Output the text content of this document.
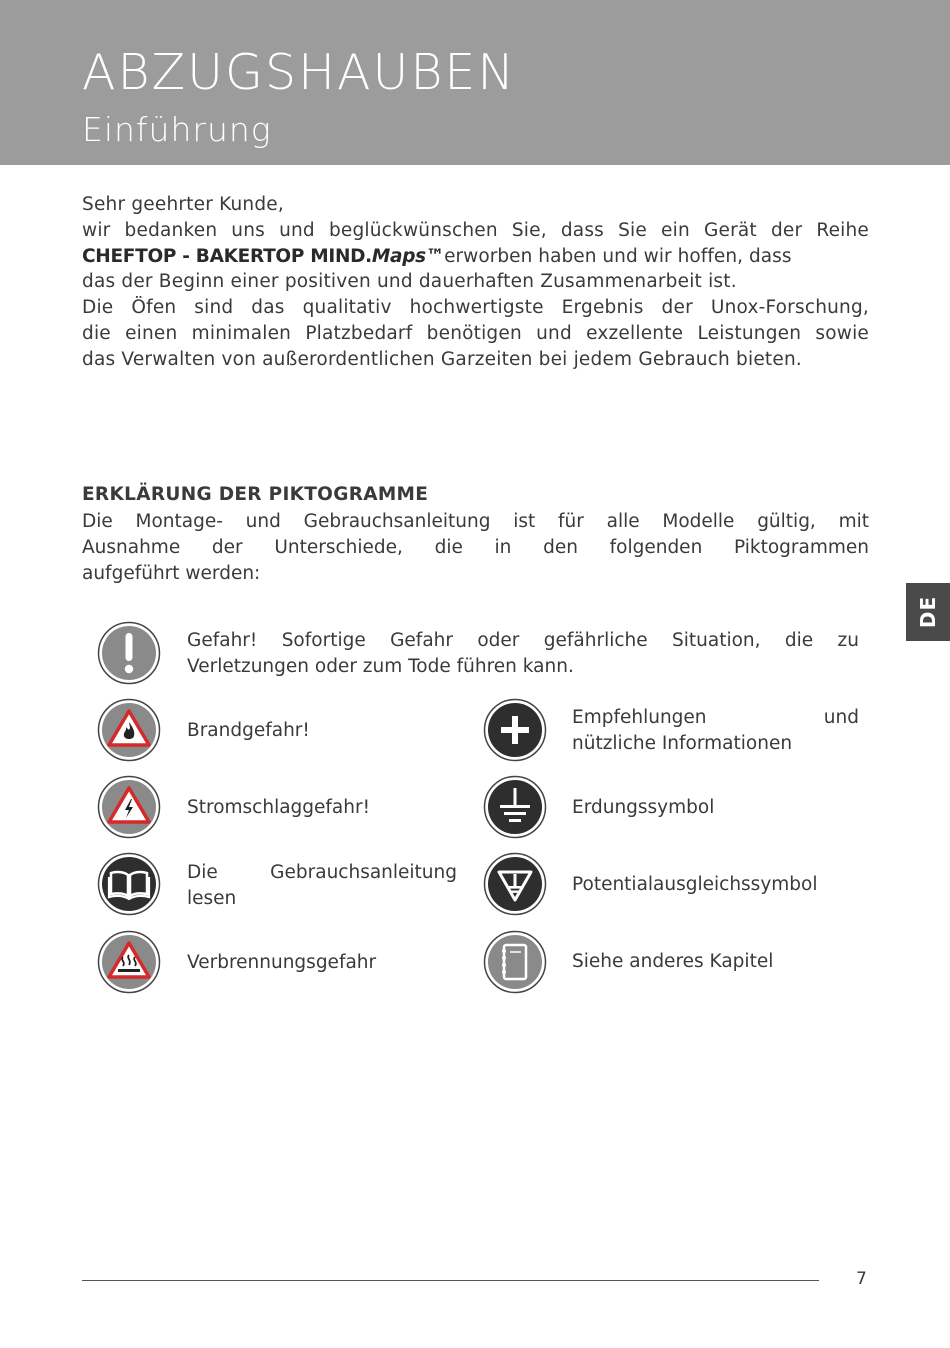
ABZUGSHAUBEN
Einführung
Sehr geehrter Kunde,
wir bedanken uns und beglückwünschen Sie, dass Sie ein Gerät der Reihe
CHEFTOP - BAKERTOP MIND.Maps™erworben haben und wir hoffen, dass
das der Beginn einer positiven und dauerhaften Zusammenarbeit ist.
Die Öfen sind das qualitativ hochwertigste Ergebnis der Unox-Forschung,
die einen minimalen Platzbedarf benötigen und exzellente Leistungen sowie
das Verwalten von außerordentlichen Garzeiten bei jedem Gebrauch bieten.
ERKLÄRUNG DER PIKTOGRAMME
Die Montage- und Gebrauchsanleitung ist für alle Modelle gültig, mit
Ausnahme der Unterschiede, die in den folgenden Piktogrammen
aufgeführt werden:
DE
Gefahr! Sofortige Gefahr oder gefährliche Situation, die zu
Verletzungen oder zum Tode führen kann.
Brandgefahr!
Stromschlaggefahr!
Die Gebrauchsanleitung
lesen
Verbrennungsgefahr
Empfehlungen und
nützliche Informationen
Erdungssymbol
Potentialausgleichssymbol
Siehe anderes Kapitel
7
